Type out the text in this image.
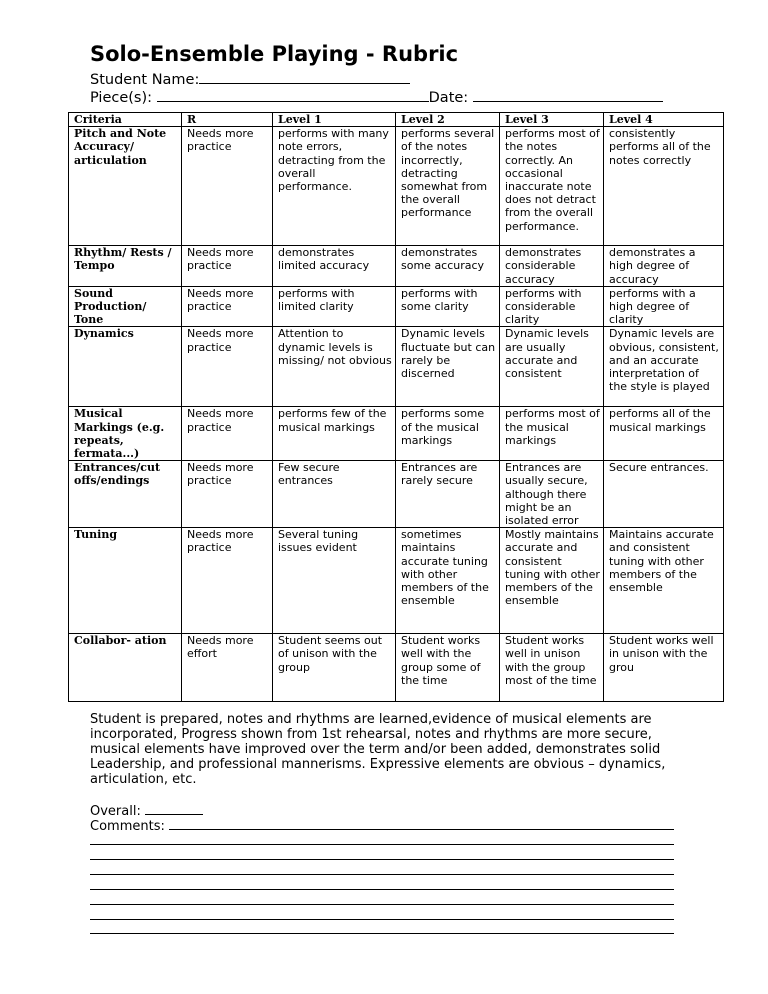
Solo-Ensemble Playing - Rubric
Student Name:
Piece(s):	Date:
Criteria	R	Level 1	Level 2	Level 3	Level 4
Pitch and Note Accuracy/ articulation	Needs more practice	performs with many note errors, detracting from the overall performance.	performs several of the notes incorrectly, detracting somewhat from the overall performance	performs most of the notes correctly. An occasional inaccurate note does not detract from the overall performance.	consistently performs all of the notes correctly
Rhythm/ Rests / Tempo	Needs more practice	demonstrates limited accuracy	demonstrates some accuracy	demonstrates considerable accuracy	demonstrates a high degree of accuracy
Sound Production/ Tone	Needs more practice	performs with limited clarity	performs with some clarity	performs with considerable clarity	performs with a high degree of clarity
Dynamics	Needs more practice	Attention to dynamic levels is missing/ not obvious	Dynamic levels fluctuate but can rarely be discerned	Dynamic levels are usually accurate and consistent	Dynamic levels are obvious, consistent, and an accurate interpretation of the style is played
Musical Markings (e.g. repeats, fermata...)	Needs more practice	performs few of the musical markings	performs some of the musical markings	performs most of the musical markings	performs all of the musical markings
Entrances/cut offs/endings	Needs more practice	Few secure entrances	Entrances are rarely secure	Entrances are usually secure, although there might be an isolated error	Secure entrances.
Tuning	Needs more practice	Several tuning issues evident	sometimes maintains accurate tuning with other members of the ensemble	Mostly maintains accurate and consistent tuning with other members of the ensemble	Maintains accurate and consistent tuning with other members of the ensemble
Collabor- ation	Needs more effort	Student seems out of unison with the group	Student works well with the group some of the time	Student works well in unison with the group most of the time	Student works well in unison with the grou

Student is prepared, notes and rhythms are learned,evidence of musical elements are incorporated, Progress shown from 1st rehearsal, notes and rhythms are more secure, musical elements have improved over the term and/or been added, demonstrates solid Leadership, and professional mannerisms. Expressive elements are obvious – dynamics, articulation, etc.

Overall:
Comments:
